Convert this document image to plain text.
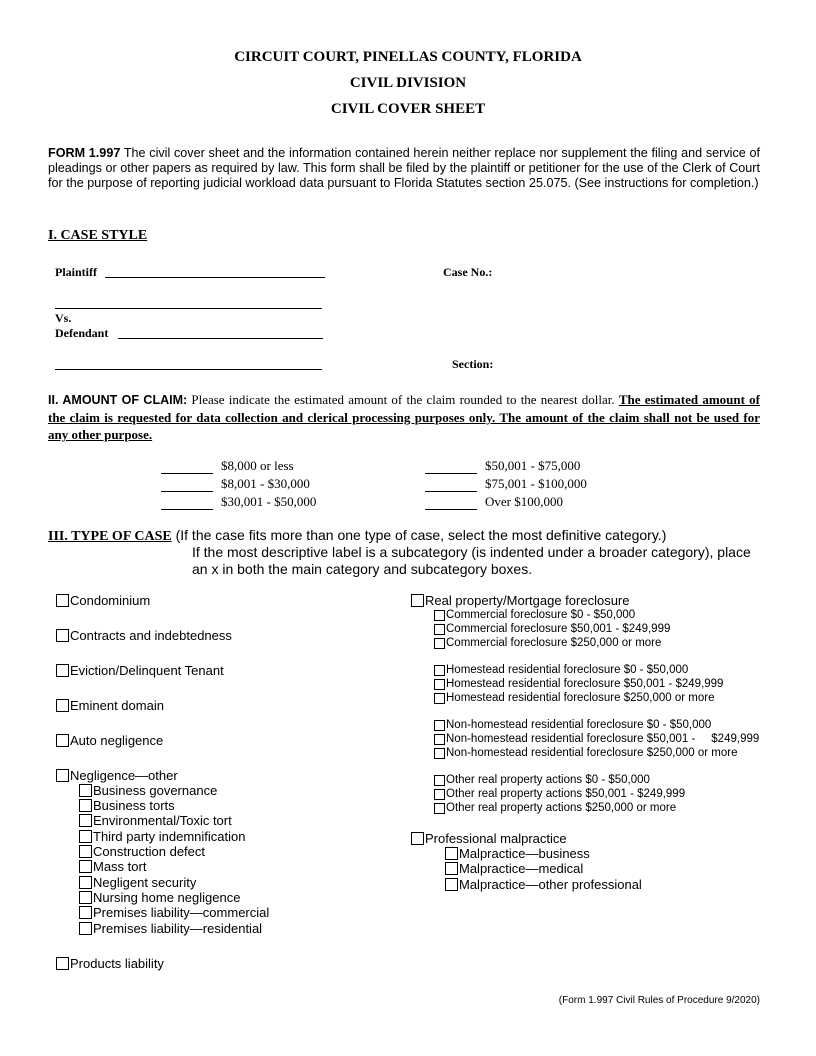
CIRCUIT COURT, PINELLAS COUNTY, FLORIDA
CIVIL DIVISION
CIVIL COVER SHEET
FORM 1.997 The civil cover sheet and the information contained herein neither replace nor supplement the filing and service of pleadings or other papers as required by law. This form shall be filed by the plaintiff or petitioner for the use of the Clerk of Court for the purpose of reporting judicial workload data pursuant to Florida Statutes section 25.075. (See instructions for completion.)
I. CASE STYLE
Plaintiff	Case No.:
Vs.
Defendant
Section:
II. AMOUNT OF CLAIM: Please indicate the estimated amount of the claim rounded to the nearest dollar. The estimated amount of the claim is requested for data collection and clerical processing purposes only. The amount of the claim shall not be used for any other purpose.
$8,000 or less
$8,001 - $30,000
$30,001 - $50,000
$50,001 - $75,000
$75,001 - $100,000
Over $100,000
III. TYPE OF CASE (If the case fits more than one type of case, select the most definitive category.)
If the most descriptive label is a subcategory (is indented under a broader category), place an x in both the main category and subcategory boxes.
Condominium
Contracts and indebtedness
Eviction/Delinquent Tenant
Eminent domain
Auto negligence
Negligence—other
Business governance
Business torts
Environmental/Toxic tort
Third party indemnification
Construction defect
Mass tort
Negligent security
Nursing home negligence
Premises liability—commercial
Premises liability—residential
Products liability
Real property/Mortgage foreclosure
Commercial foreclosure $0 - $50,000
Commercial foreclosure $50,001 - $249,999
Commercial foreclosure $250,000 or more
Homestead residential foreclosure $0 - $50,000
Homestead residential foreclosure $50,001 - $249,999
Homestead residential foreclosure $250,000 or more
Non-homestead residential foreclosure $0 - $50,000
Non-homestead residential foreclosure $50,001 -     $249,999
Non-homestead residential foreclosure $250,000 or more
Other real property actions $0 - $50,000
Other real property actions $50,001 - $249,999
Other real property actions $250,000 or more
Professional malpractice
Malpractice—business
Malpractice—medical
Malpractice—other professional
(Form 1.997 Civil Rules of Procedure 9/2020)
